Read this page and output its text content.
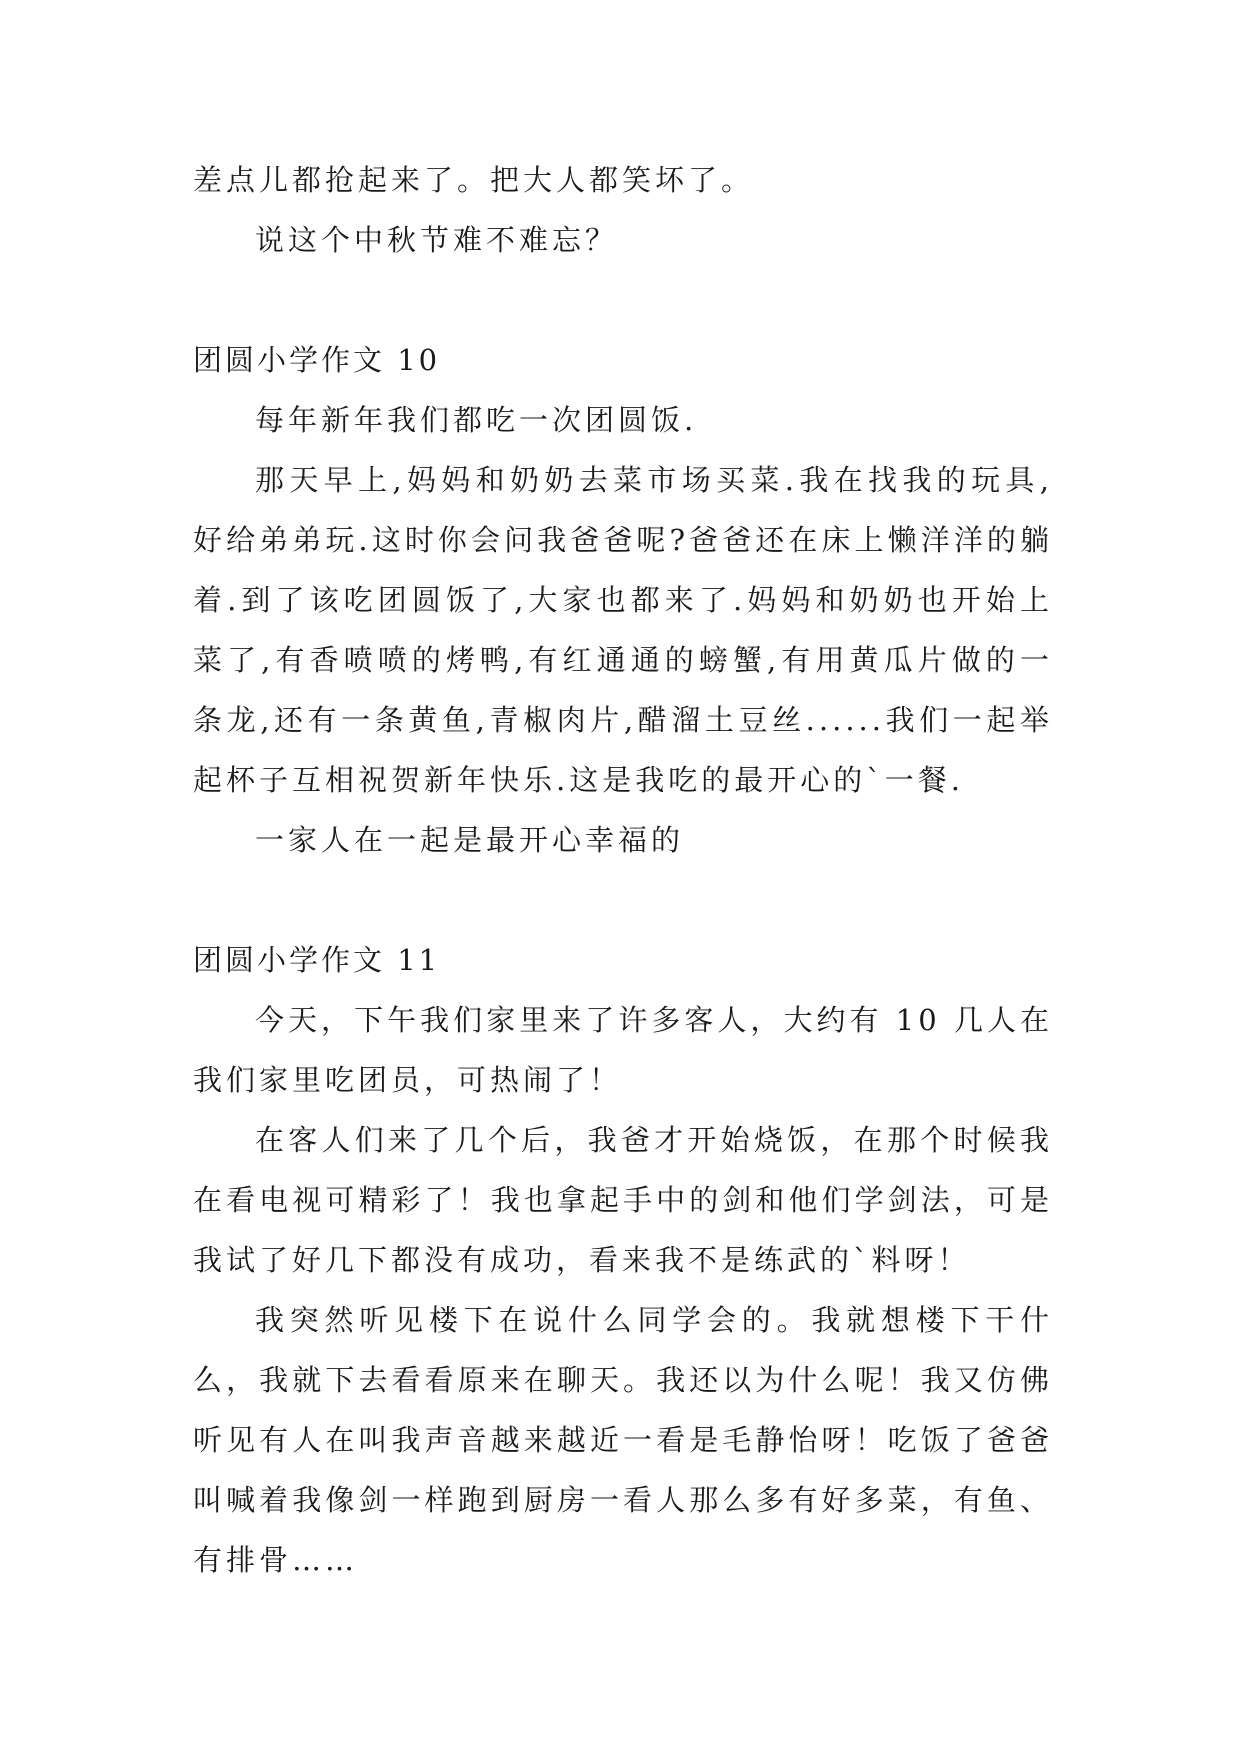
差点儿都抢起来了。把大人都笑坏了。

说这个中秋节难不难忘？

团圆小学作文 10

每年新年我们都吃一次团圆饭.

那天早上,妈妈和奶奶去菜市场买菜.我在找我的玩具,好给弟弟玩.这时你会问我爸爸呢?爸爸还在床上懒洋洋的躺着.到了该吃团圆饭了,大家也都来了.妈妈和奶奶也开始上菜了,有香喷喷的烤鸭,有红通通的螃蟹,有用黄瓜片做的一条龙,还有一条黄鱼,青椒肉片,醋溜土豆丝......我们一起举起杯子互相祝贺新年快乐.这是我吃的最开心的`一餐.

一家人在一起是最开心幸福的

团圆小学作文 11

今天，下午我们家里来了许多客人，大约有 10 几人在我们家里吃团员，可热闹了！

在客人们来了几个后，我爸才开始烧饭，在那个时候我在看电视可精彩了！我也拿起手中的剑和他们学剑法，可是我试了好几下都没有成功，看来我不是练武的`料呀！

我突然听见楼下在说什么同学会的。我就想楼下干什么，我就下去看看原来在聊天。我还以为什么呢！我又仿佛听见有人在叫我声音越来越近一看是毛静怡呀！吃饭了爸爸叫喊着我像剑一样跑到厨房一看人那么多有好多菜，有鱼、有排骨……
